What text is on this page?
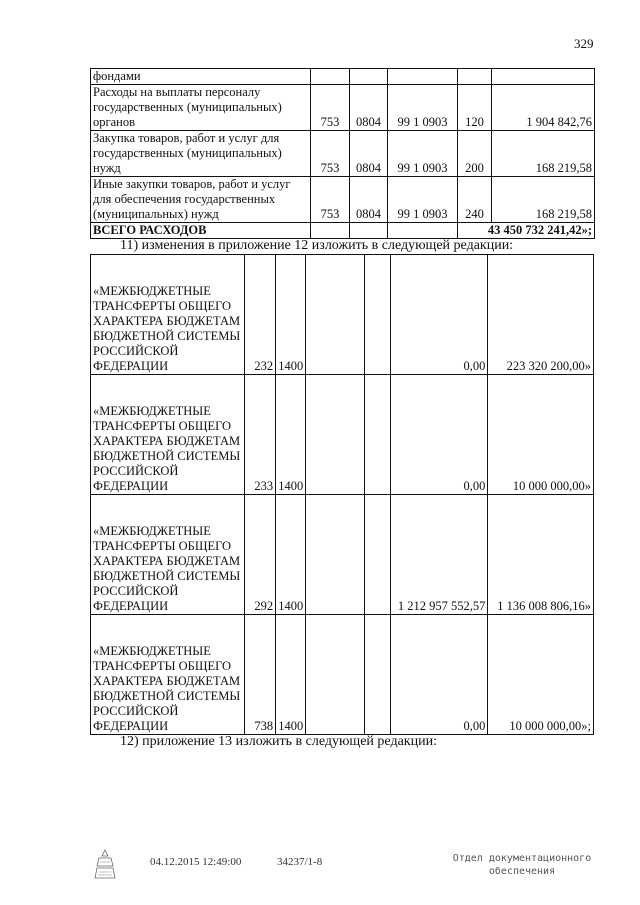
329
фондами					
Расходы на выплаты персоналу государственных (муниципальных) органов	753	0804	99 1 0903	120	1 904 842,76
Закупка товаров, работ и услуг для государственных (муниципальных) нужд	753	0804	99 1 0903	200	168 219,58
Иные закупки товаров, работ и услуг для обеспечения государственных (муниципальных) нужд	753	0804	99 1 0903	240	168 219,58
ВСЕГО РАСХОДОВ				43 450 732 241,42»;	
11) изменения в приложение 12 изложить в следующей редакции:
«МЕЖБЮДЖЕТНЫЕ ТРАНСФЕРТЫ ОБЩЕГО ХАРАКТЕРА БЮДЖЕТАМ БЮДЖЕТНОЙ СИСТЕМЫ РОССИЙСКОЙ ФЕДЕРАЦИИ	232	1400			0,00	223 320 200,00»
«МЕЖБЮДЖЕТНЫЕ ТРАНСФЕРТЫ ОБЩЕГО ХАРАКТЕРА БЮДЖЕТАМ БЮДЖЕТНОЙ СИСТЕМЫ РОССИЙСКОЙ ФЕДЕРАЦИИ	233	1400			0,00	10 000 000,00»
«МЕЖБЮДЖЕТНЫЕ ТРАНСФЕРТЫ ОБЩЕГО ХАРАКТЕРА БЮДЖЕТАМ БЮДЖЕТНОЙ СИСТЕМЫ РОССИЙСКОЙ ФЕДЕРАЦИИ	292	1400			1 212 957 552,57	1 136 008 806,16»
«МЕЖБЮДЖЕТНЫЕ ТРАНСФЕРТЫ ОБЩЕГО ХАРАКТЕРА БЮДЖЕТАМ БЮДЖЕТНОЙ СИСТЕМЫ РОССИЙСКОЙ ФЕДЕРАЦИИ	738	1400			0,00	10 000 000,00»;
12) приложение 13 изложить в следующей редакции:
04.12.2015 12:49:00	34237/1-8	Отдел документационного обеспечения
